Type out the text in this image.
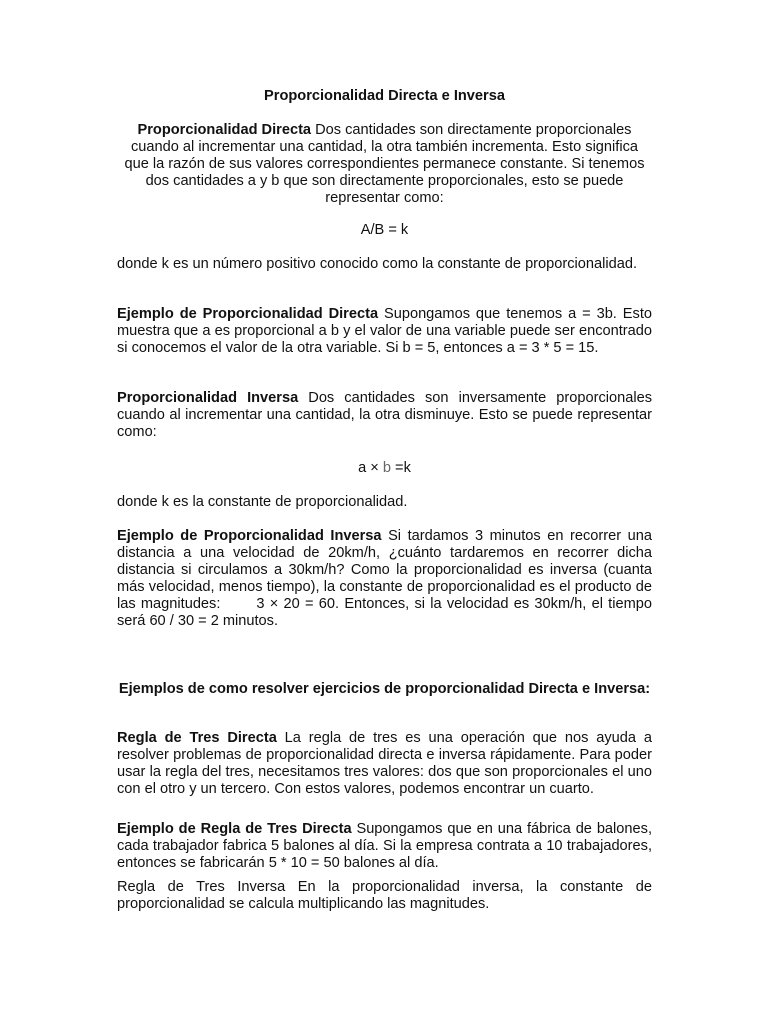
Proporcionalidad Directa e Inversa

Proporcionalidad Directa Dos cantidades son directamente proporcionales cuando al incrementar una cantidad, la otra también incrementa. Esto significa que la razón de sus valores correspondientes permanece constante. Si tenemos dos cantidades a y b que son directamente proporcionales, esto se puede representar como:

A/B = k

donde k es un número positivo conocido como la constante de proporcionalidad.

Ejemplo de Proporcionalidad Directa Supongamos que tenemos a = 3b. Esto muestra que a es proporcional a b y el valor de una variable puede ser encontrado si conocemos el valor de la otra variable. Si b = 5, entonces a = 3 * 5 = 15.

Proporcionalidad Inversa Dos cantidades son inversamente proporcionales cuando al incrementar una cantidad, la otra disminuye. Esto se puede representar como:

a × b =k

donde k es la constante de proporcionalidad.

Ejemplo de Proporcionalidad Inversa Si tardamos 3 minutos en recorrer una distancia a una velocidad de 20km/h, ¿cuánto tardaremos en recorrer dicha distancia si circulamos a 30km/h? Como la proporcionalidad es inversa (cuanta más velocidad, menos tiempo), la constante de proporcionalidad es el producto de las magnitudes: 3 × 20 = 60. Entonces, si la velocidad es 30km/h, el tiempo será 60 / 30 = 2 minutos.

Ejemplos de como resolver ejercicios de proporcionalidad Directa e Inversa:

Regla de Tres Directa La regla de tres es una operación que nos ayuda a resolver problemas de proporcionalidad directa e inversa rápidamente. Para poder usar la regla del tres, necesitamos tres valores: dos que son proporcionales el uno con el otro y un tercero. Con estos valores, podemos encontrar un cuarto.

Ejemplo de Regla de Tres Directa Supongamos que en una fábrica de balones, cada trabajador fabrica 5 balones al día. Si la empresa contrata a 10 trabajadores, entonces se fabricarán 5 * 10 = 50 balones al día.

Regla de Tres Inversa En la proporcionalidad inversa, la constante de proporcionalidad se calcula multiplicando las magnitudes.
